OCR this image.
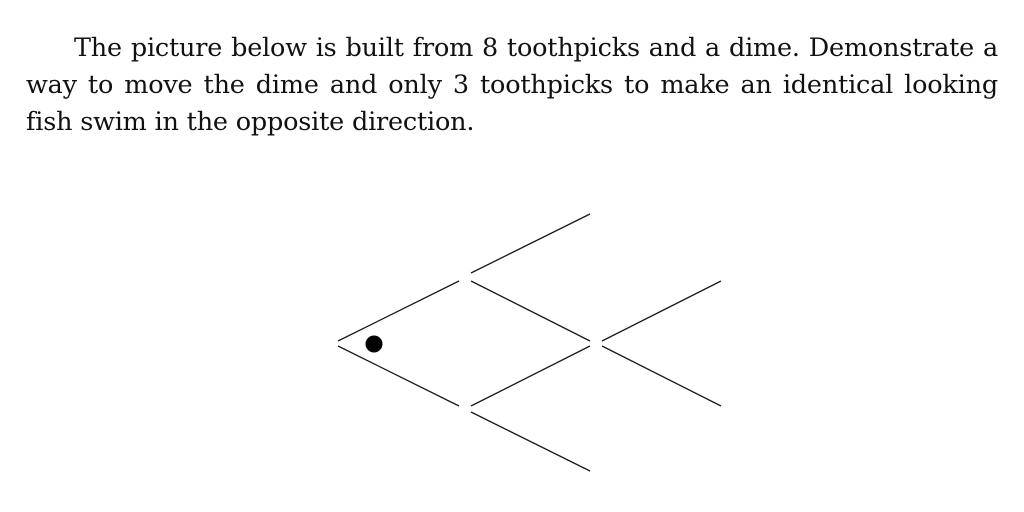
The picture below is built from 8 toothpicks and a dime. Demonstrate a way to move the dime and only 3 toothpicks to make an identical looking fish swim in the opposite direction.
